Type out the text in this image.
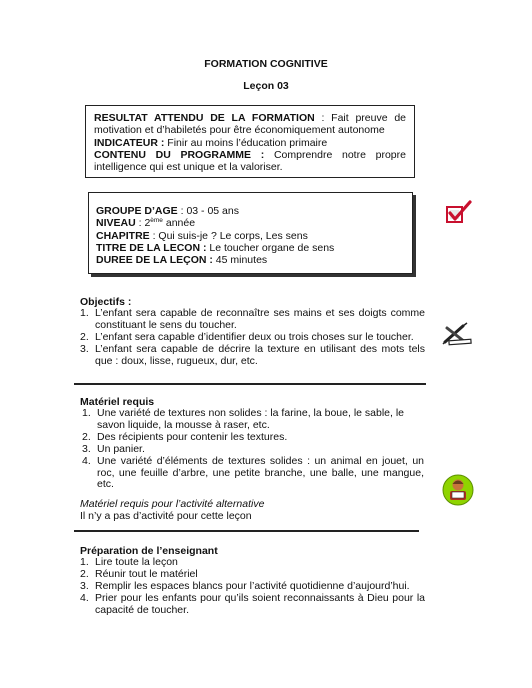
FORMATION COGNITIVE
Leçon 03
RESULTAT ATTENDU DE LA FORMATION : Fait preuve de motivation et d’habiletés pour être économiquement autonome
INDICATEUR : Finir au moins l’éducation primaire
CONTENU DU PROGRAMME : Comprendre notre propre intelligence qui est unique et la valoriser.
GROUPE D’AGE : 03 - 05 ans
NIVEAU : 2ème année
CHAPITRE : Qui suis-je ? Le corps, Les sens
TITRE DE LA LECON : Le toucher organe de sens
DUREE DE LA LEÇON : 45 minutes
Objectifs :
1. L’enfant sera capable de reconnaître ses mains et ses doigts comme constituant le sens du toucher.
2. L’enfant sera capable d’identifier deux ou trois choses sur le toucher.
3. L’enfant sera capable de décrire la texture en utilisant des mots tels que : doux, lisse, rugueux, dur, etc.
Matériel requis
1. Une variété de textures non solides : la farine, la boue, le sable, le savon liquide, la mousse à raser, etc.
2. Des récipients pour contenir les textures.
3. Un panier.
4. Une variété d’éléments de textures solides : un animal en jouet, un roc, une feuille d’arbre, une petite branche, une balle, une mangue, etc.
Matériel requis pour l’activité alternative
Il n’y a pas d’activité pour cette leçon
Préparation de l’enseignant
1. Lire toute la leçon
2. Réunir tout le matériel
3. Remplir les espaces blancs pour l’activité quotidienne d’aujourd’hui.
4. Prier pour les enfants pour qu’ils soient reconnaissants à Dieu pour la capacité de toucher.
